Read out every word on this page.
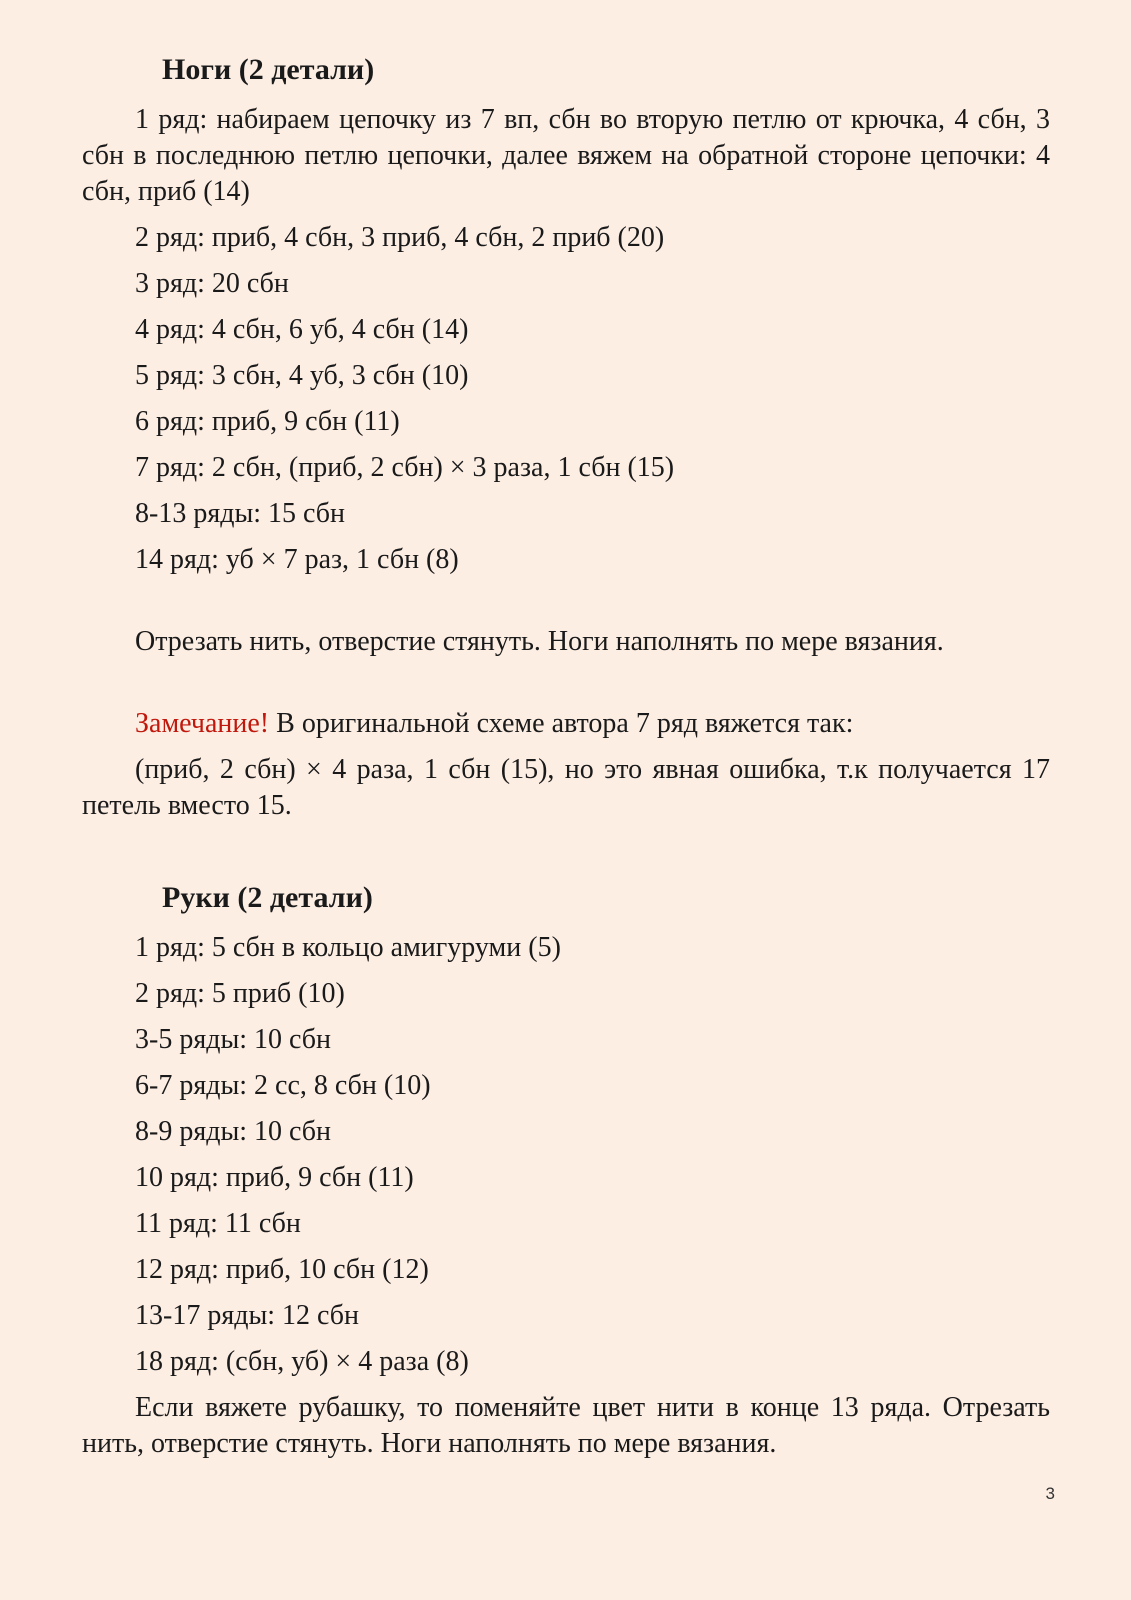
Ноги (2 детали)

1 ряд: набираем цепочку из 7 вп, сбн во вторую петлю от крючка, 4 сбн, 3 сбн в последнюю петлю цепочки, далее вяжем на обратной стороне цепочки: 4 сбн, приб (14)

2 ряд: приб, 4 сбн, 3 приб, 4 сбн, 2 приб (20)
3 ряд: 20 сбн
4 ряд: 4 сбн, 6 уб, 4 сбн (14)
5 ряд: 3 сбн, 4 уб, 3 сбн (10)
6 ряд: приб, 9 сбн (11)
7 ряд: 2 сбн, (приб, 2 сбн) × 3 раза, 1 сбн (15)
8-13 ряды: 15 сбн
14 ряд: уб × 7 раз, 1 сбн (8)

Отрезать нить, отверстие стянуть. Ноги наполнять по мере вязания.

Замечание! В оригинальной схеме автора 7 ряд вяжется так:

(приб, 2 сбн) × 4 раза, 1 сбн (15), но это явная ошибка, т.к получается 17 петель вместо 15.

Руки (2 детали)
1 ряд: 5 сбн в кольцо амигуруми (5)
2 ряд: 5 приб (10)
3-5 ряды: 10 сбн
6-7 ряды: 2 сс, 8 сбн (10)
8-9 ряды: 10 сбн
10 ряд: приб, 9 сбн (11)
11 ряд: 11 сбн
12 ряд: приб, 10 сбн (12)
13-17 ряды: 12 сбн
18 ряд: (сбн, уб) × 4 раза (8)

Если вяжете рубашку, то поменяйте цвет нити в конце 13 ряда. Отрезать нить, отверстие стянуть. Ноги наполнять по мере вязания.

3
